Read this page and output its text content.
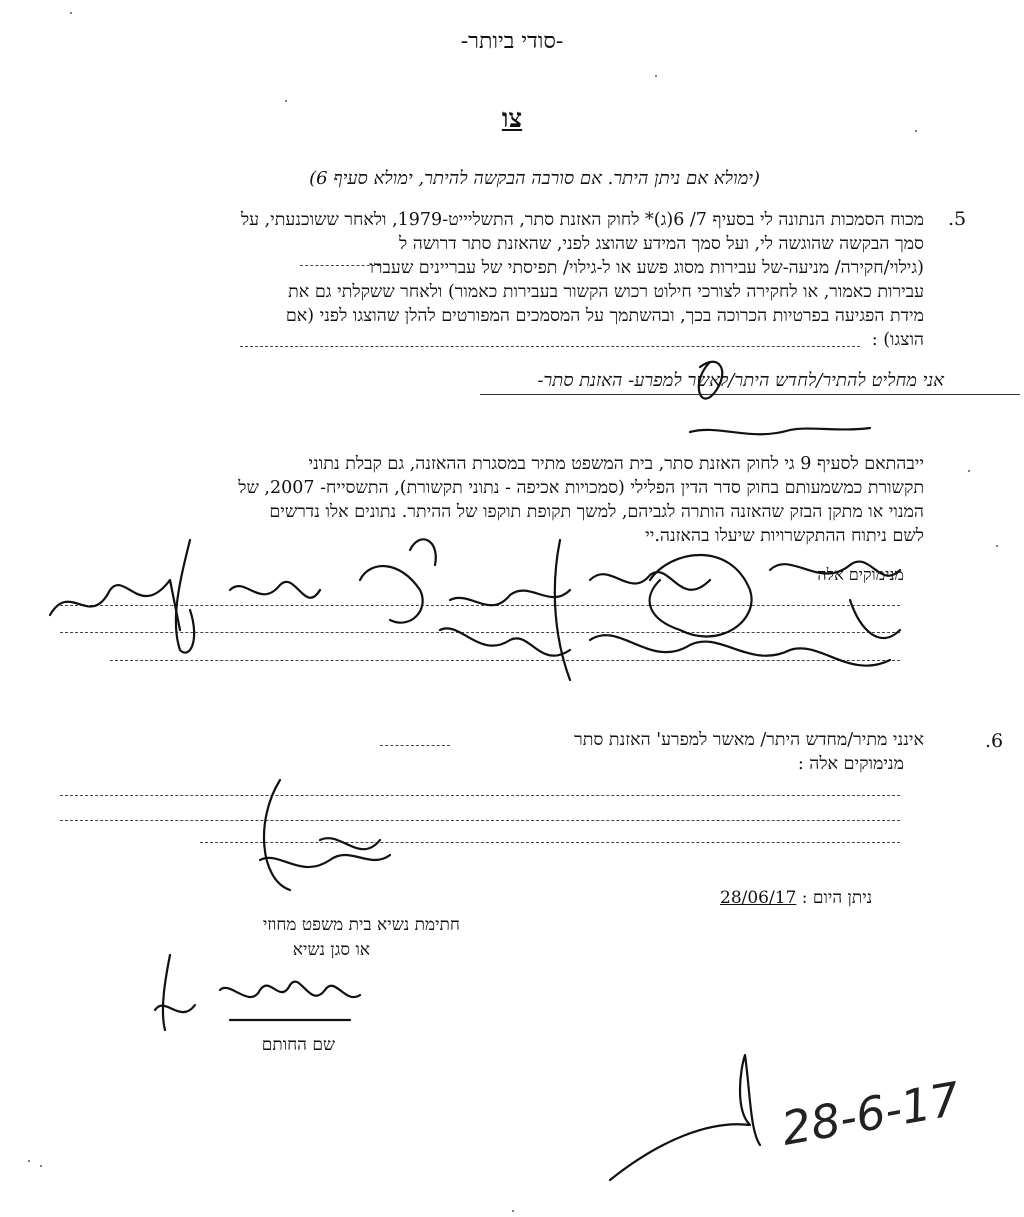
-סודי ביותר-
צו
(ימולא אם ניתן היתר. אם סורבה הבקשה להיתר, ימולא סעיף 6)
.5
מכוח הסמכות הנתונה לי בסעיף 7/ 6(ג)* לחוק האזנת סתר, התשליייט-1979, ולאחר ששוכנעתי, על
סמך הבקשה שהוגשה לי, ועל סמך המידע שהוצג לפני, שהאזנת סתר דרושה ל
(גילוי/חקירה/ מניעה-של עבירות מסוג פשע או ל-גילוי/ תפיסתי של עבריינים שעברו
עבירות כאמור, או לחקירה לצורכי חילוט רכוש הקשור בעבירות כאמור) ולאחר ששקלתי גם את
מידת הפגיעה בפרטיות הכרוכה בכך, ובהשתמך על המסמכים המפורטים להלן שהוצגו לפני (אם
הוצגו) :
אני מחליט להתיר/לחדש היתר/לאשר למפרע- האזנת סתר-
ייבהתאם לסעיף 9 גי לחוק האזנת סתר, בית המשפט מתיר במסגרת ההאזנה, גם קבלת נתוני
תקשורת כמשמעותם בחוק סדר הדין הפלילי (סמכויות אכיפה - נתוני תקשורת), התשסייח- 2007, של
המנוי או מתקן הבזק שהאזנה הותרה לגביהם, למשך תקופת תוקפו של ההיתר. נתונים אלו נדרשים
לשם ניתוח ההתקשרויות שיעלו בהאזנה.יי
מנימוקים אלה
.6
אינני מתיר/מחדש היתר/ מאשר למפרע' האזנת סתר
מנימוקים אלה :

חתימת נשיא בית משפט מחוזי
או סגן נשיא
ניתן היום : 28/06/17
שם החותם
28-6-17
